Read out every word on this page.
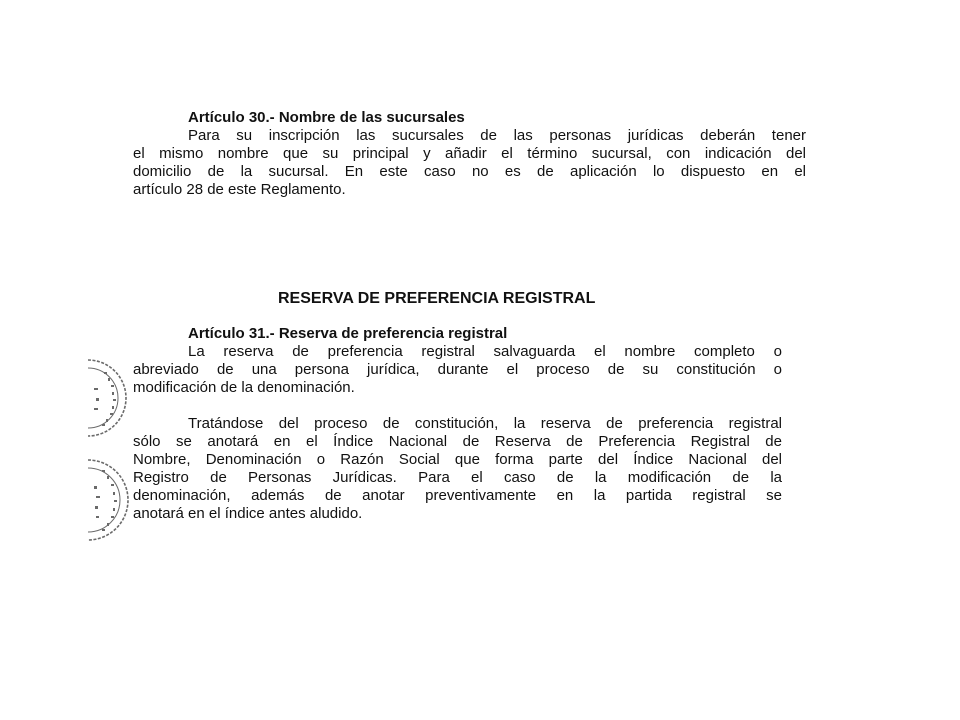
Artículo 30.- Nombre de las sucursales
Para su inscripción las sucursales de las personas jurídicas deberán tener
el mismo nombre que su principal y añadir el término sucursal, con indicación del
domicilio de la sucursal. En este caso no es de aplicación lo dispuesto en el
artículo 28 de este Reglamento.
RESERVA DE PREFERENCIA REGISTRAL
Artículo 31.- Reserva de preferencia registral
La reserva de preferencia registral salvaguarda el nombre completo o
abreviado de una persona jurídica, durante el proceso de su constitución o
modificación de la denominación.
Tratándose del proceso de constitución, la reserva de preferencia registral
sólo se anotará en el Índice Nacional de Reserva de Preferencia Registral de
Nombre, Denominación o Razón Social que forma parte del Índice Nacional del
Registro de Personas Jurídicas. Para el caso de la modificación de la
denominación, además de anotar preventivamente en la partida registral se
anotará en el índice antes aludido.
